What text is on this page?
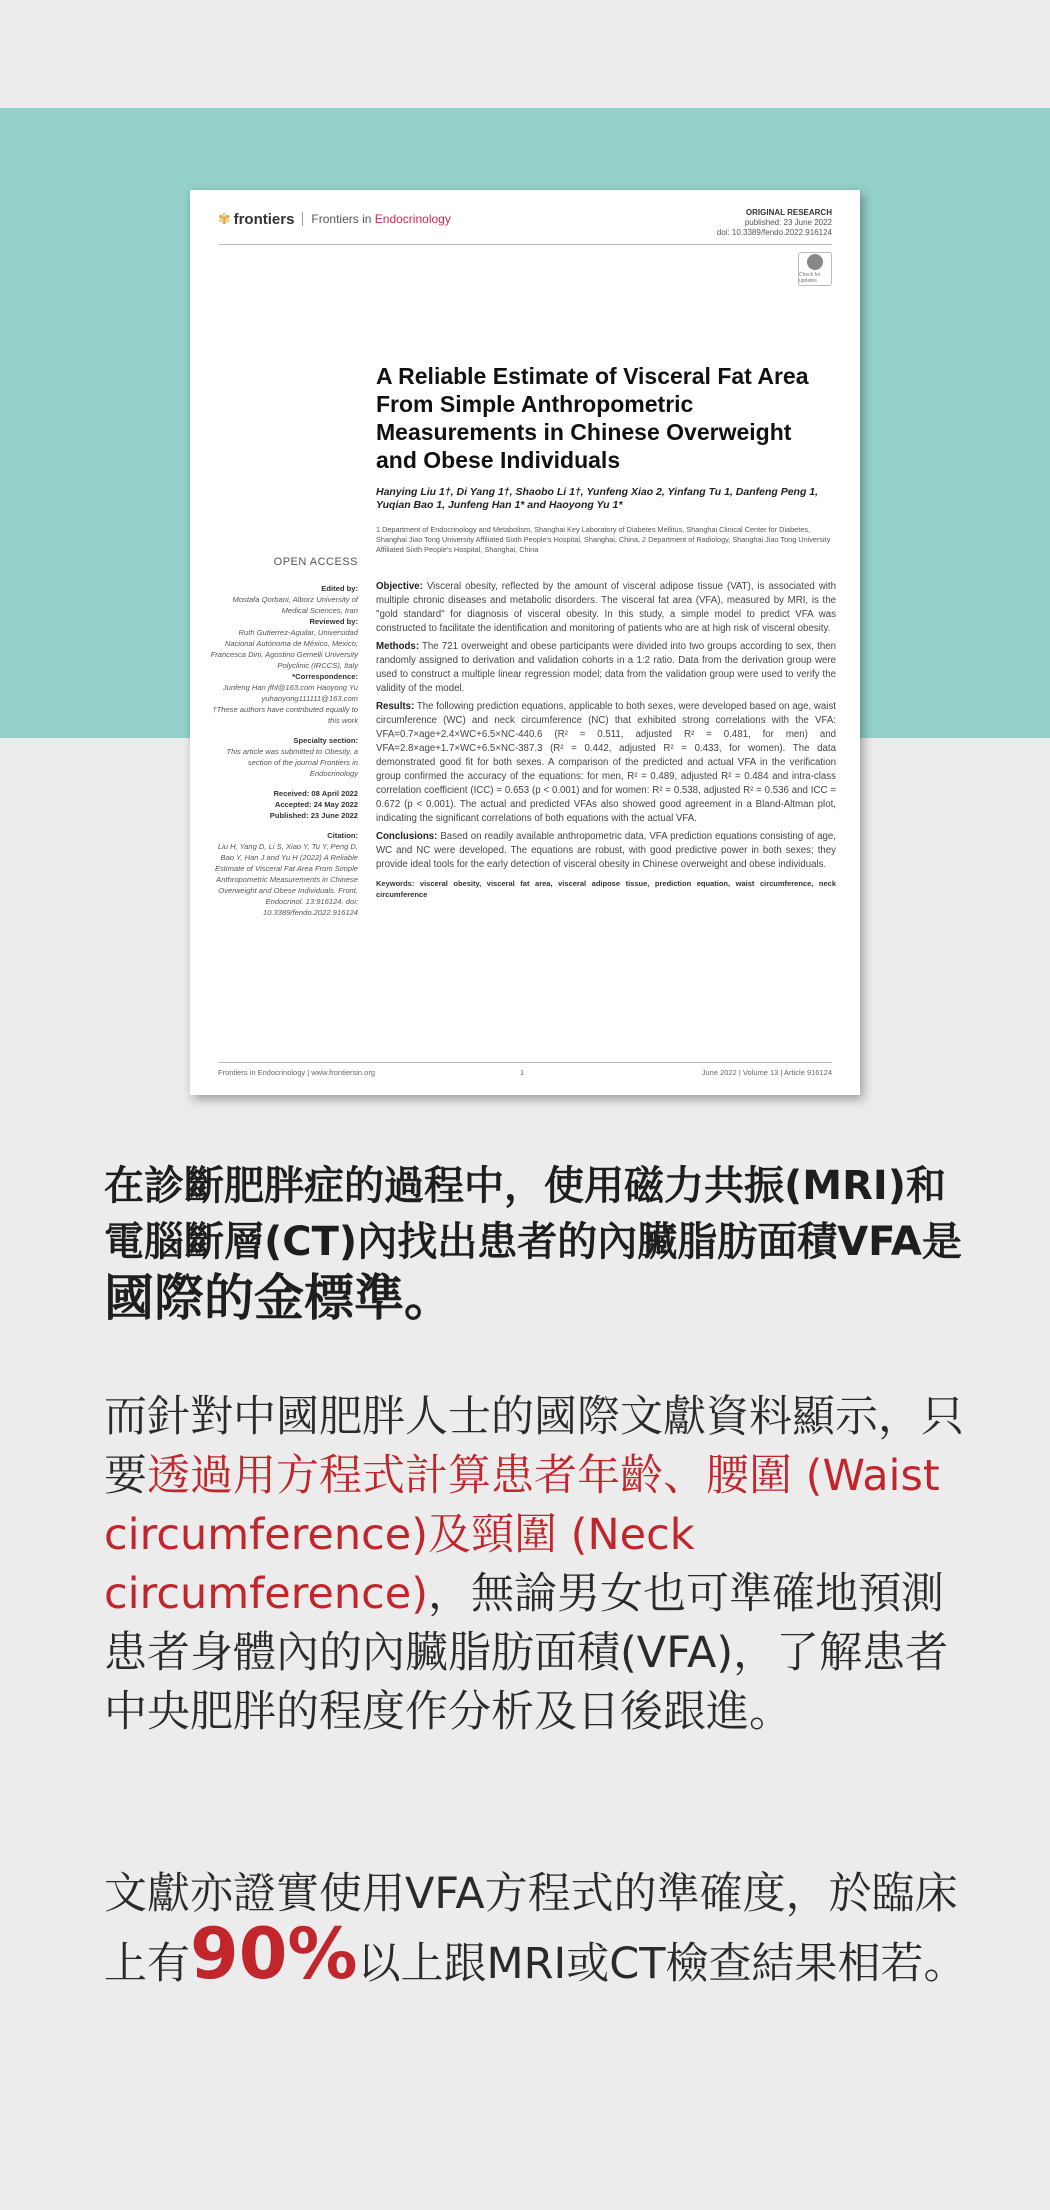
✾ frontiers Frontiers in Endocrinology	ORIGINAL RESEARCH
published: 23 June 2022
doi: 10.3389/fendo.2022.916124
Check for updates
A Reliable Estimate of Visceral Fat Area From Simple Anthropometric Measurements in Chinese Overweight and Obese Individuals
Hanying Liu 1†, Di Yang 1†, Shaobo Li 1†, Yunfeng Xiao 2, Yinfang Tu 1, Danfeng Peng 1, Yuqian Bao 1, Junfeng Han 1* and Haoyong Yu 1*
1 Department of Endocrinology and Metabolism, Shanghai Key Laboratory of Diabetes Mellitus, Shanghai Clinical Center for Diabetes, Shanghai Jiao Tong University Affiliated Sixth People's Hospital, Shanghai, China, 2 Department of Radiology, Shanghai Jiao Tong University Affiliated Sixth People's Hospital, Shanghai, China
OPEN ACCESS
Edited by:
Mostafa Qorbani, Alborz University of Medical Sciences, Iran
Reviewed by:
Ruth Gutierrez-Aguilar, Universidad Nacional Autónoma de México, Mexico; Francesca Dini, Agostino Gemelli University Polyclinic (IRCCS), Italy
*Correspondence:
Junfeng Han jfhl@163.com Haoyong Yu yuhaoyong111111@163.com
†These authors have contributed equally to this work
Specialty section:
This article was submitted to Obesity, a section of the journal Frontiers in Endocrinology
Received: 08 April 2022
Accepted: 24 May 2022
Published: 23 June 2022
Citation:
Liu H, Yang D, Li S, Xiao Y, Tu Y, Peng D, Bao Y, Han J and Yu H (2022) A Reliable Estimate of Visceral Fat Area From Simple Anthropometric Measurements in Chinese Overweight and Obese Individuals. Front. Endocrinol. 13:916124. doi: 10.3389/fendo.2022.916124

Objective: Visceral obesity, reflected by the amount of visceral adipose tissue (VAT), is associated with multiple chronic diseases and metabolic disorders. The visceral fat area (VFA), measured by MRI, is the "gold standard" for diagnosis of visceral obesity. In this study, a simple model to predict VFA was constructed to facilitate the identification and monitoring of patients who are at high risk of visceral obesity.

Methods: The 721 overweight and obese participants were divided into two groups according to sex, then randomly assigned to derivation and validation cohorts in a 1:2 ratio. Data from the derivation group were used to construct a multiple linear regression model; data from the validation group were used to verify the validity of the model.

Results: The following prediction equations, applicable to both sexes, were developed based on age, waist circumference (WC) and neck circumference (NC) that exhibited strong correlations with the VFA: VFA=0.7×age+2.4×WC+6.5×NC-440.6 (R² = 0.511, adjusted R² = 0.481, for men) and VFA=2.8×age+1.7×WC+6.5×NC-387.3 (R² = 0.442, adjusted R² = 0.433, for women). The data demonstrated good fit for both sexes. A comparison of the predicted and actual VFA in the verification group confirmed the accuracy of the equations: for men, R² = 0.489, adjusted R² = 0.484 and intra-class correlation coefficient (ICC) = 0.653 (p < 0.001) and for women: R² = 0.538, adjusted R² = 0.536 and ICC = 0.672 (p < 0.001). The actual and predicted VFAs also showed good agreement in a Bland-Altman plot, indicating the significant correlations of both equations with the actual VFA.

Conclusions: Based on readily available anthropometric data, VFA prediction equations consisting of age, WC and NC were developed. The equations are robust, with good predictive power in both sexes; they provide ideal tools for the early detection of visceral obesity in Chinese overweight and obese individuals.

Keywords: visceral obesity, visceral fat area, visceral adipose tissue, prediction equation, waist circumference, neck circumference
Frontiers in Endocrinology | www.frontiersin.org	1	June 2022 | Volume 13 | Article 916124
在診斷肥胖症的過程中，使用磁力共振(MRI)和電腦斷層(CT)內找出患者的內臟脂肪面積VFA是國際的金標準。
而針對中國肥胖人士的國際文獻資料顯示，只要透過用方程式計算患者年齡、腰圍 (Waist circumference)及頸圍 (Neck circumference)，無論男女也可準確地預測患者身體內的內臟脂肪面積(VFA)，了解患者中央肥胖的程度作分析及日後跟進。
文獻亦證實使用VFA方程式的準確度，於臨床上有90%以上跟MRI或CT檢查結果相若。
